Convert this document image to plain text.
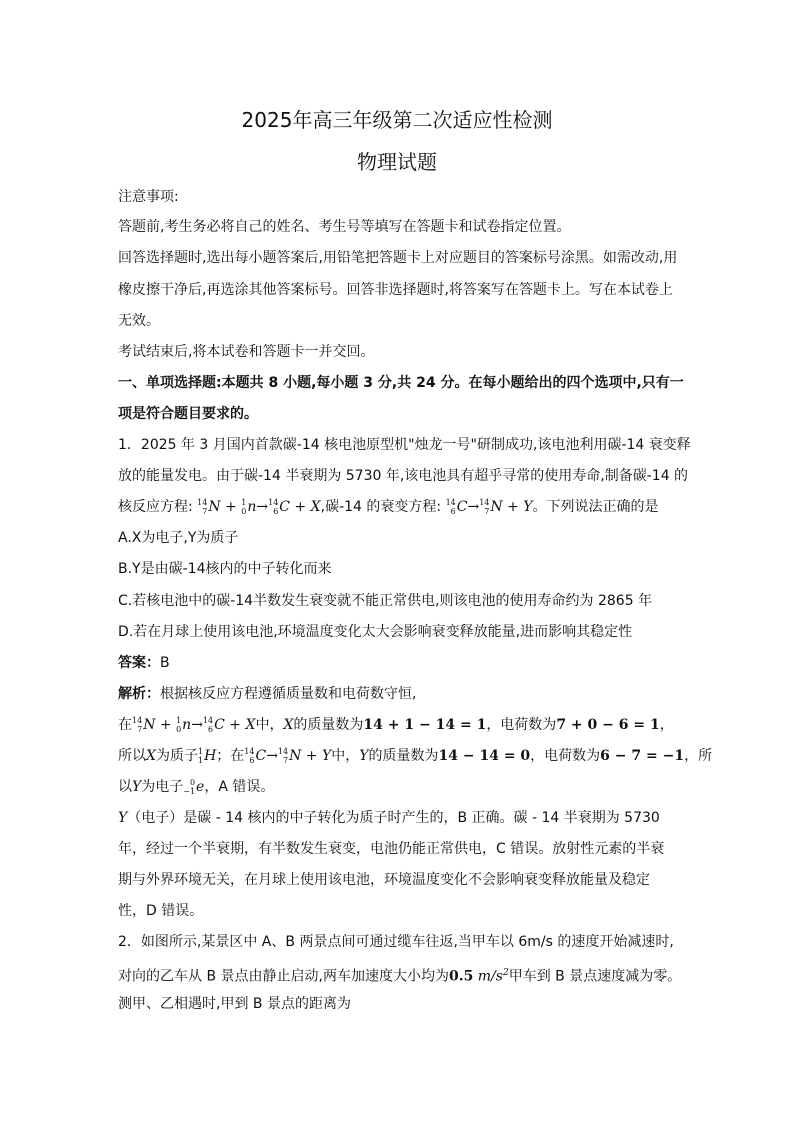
2025年高三年级第二次适应性检测
物理试题
注意事项:
答题前,考生务必将自己的姓名、考生号等填写在答题卡和试卷指定位置。
回答选择题时,选出每小题答案后,用铅笔把答题卡上对应题目的答案标号涂黑。如需改动,用
橡皮擦干净后,再选涂其他答案标号。回答非选择题时,将答案写在答题卡上。写在本试卷上
无效。
考试结束后,将本试卷和答题卡一并交回。
一、单项选择题:本题共 8 小题,每小题 3 分,共 24 分。在每小题给出的四个选项中,只有一
项是符合题目要求的。
1．2025 年 3 月国内首款碳-14 核电池原型机"烛龙一号"研制成功,该电池利用碳-14 衰变释
放的能量发电。由于碳-14 半衰期为 5730 年,该电池具有超乎寻常的使用寿命,制备碳-14 的
核反应方程: 14
7 N + 1
0 n→ 14
6 C + X,碳-14 的衰变方程: 14
6 C→ 14
7 N + Y。下列说法正确的是
A.X为电子,Y为质子
B.Y是由碳-14核内的中子转化而来
C.若核电池中的碳-14半数发生衰变就不能正常供电,则该电池的使用寿命约为 2865 年
D.若在月球上使用该电池,环境温度变化太大会影响衰变释放能量,进而影响其稳定性
答案：B
解析：根据核反应方程遵循质量数和电荷数守恒,
在 14
7 N + 1
0 n→ 14
6 C + X中，X的质量数为14 + 1 − 14 = 1，电荷数为7 + 0 − 6 = 1，
所以X为质子 1
1 H；在 14
6 C→ 14
7 N + Y中，Y的质量数为14 − 14 = 0，电荷数为6 − 7 = −1，所
以Y为电子 0
−1 e，A 错误。
Y（电子）是碳 - 14 核内的中子转化为质子时产生的，B 正确。碳 - 14 半衰期为 5730
年，经过一个半衰期，有半数发生衰变，电池仍能正常供电，C 错误。放射性元素的半衰
期与外界环境无关，在月球上使用该电池，环境温度变化不会影响衰变释放能量及稳定
性，D 错误。
2．如图所示,某景区中 A、B 两景点间可通过缆车往返,当甲车以 6m/s 的速度开始减速时,
对向的乙车从 B 景点由静止启动,两车加速度大小均为0.5 $m/s^2$甲车到 B 景点速度减为零。
测甲、乙相遇时,甲到 B 景点的距离为
